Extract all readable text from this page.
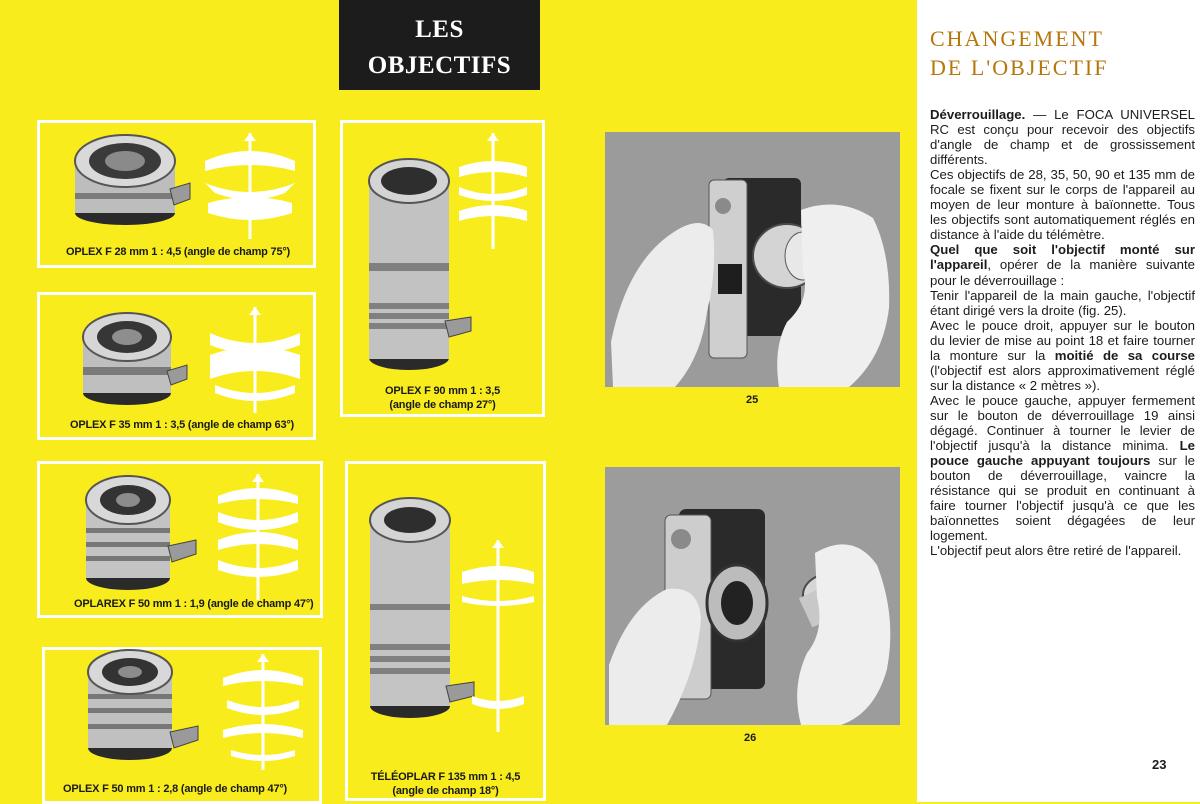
LES
OBJECTIFS
OPLEX F 28 mm 1 : 4,5 (angle de champ 75°)
OPLEX F 35 mm 1 : 3,5 (angle de champ 63°)
OPLAREX F 50 mm 1 : 1,9 (angle de champ 47°)
OPLEX F 50 mm 1 : 2,8 (angle de champ 47°)
OPLEX F 90 mm 1 : 3,5
(angle de champ 27°)
TÉLÉOPLAR F 135 mm 1 : 4,5
(angle de champ 18°)
CHANGEMENT
DE L'OBJECTIF
25
26

Déverrouillage. — Le FOCA UNIVERSEL RC est conçu pour recevoir des objectifs d'angle de champ et de grossissement différents.

Ces objectifs de 28, 35, 50, 90 et 135 mm de focale se fixent sur le corps de l'appareil au moyen de leur monture à baïonnette. Tous les objectifs sont automatiquement réglés en distance à l'aide du télémètre.

Quel que soit l'objectif monté sur l'appareil, opérer de la manière suivante pour le déverrouillage :

Tenir l'appareil de la main gauche, l'objectif étant dirigé vers la droite (fig. 25).

Avec le pouce droit, appuyer sur le bouton du levier de mise au point 18 et faire tourner la monture sur la moitié de sa course (l'objectif est alors approximativement réglé sur la distance « 2 mètres »).

Avec le pouce gauche, appuyer fermement sur le bouton de déverrouillage 19 ainsi dégagé. Continuer à tourner le levier de l'objectif jusqu'à la distance minima. Le pouce gauche appuyant toujours sur le bouton de déverrouillage, vaincre la résistance qui se produit en continuant à faire tourner l'objectif jusqu'à ce que les baïonnettes soient dégagées de leur logement.

L'objectif peut alors être retiré de l'appareil.

23
